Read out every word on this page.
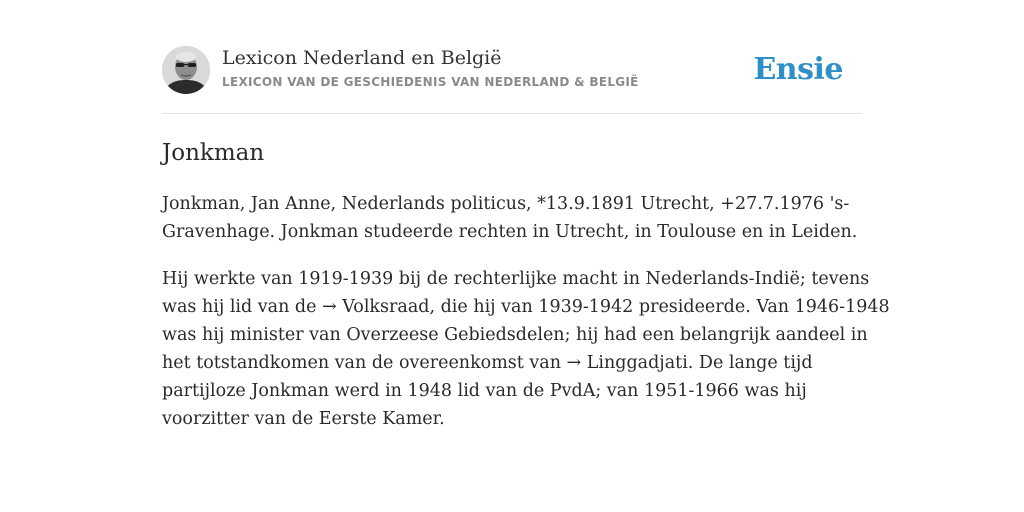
Lexicon Nederland en België
LEXICON VAN DE GESCHIEDENIS VAN NEDERLAND & BELGIË	Ensie
Jonkman

Jonkman, Jan Anne, Nederlands politicus, *13.9.1891 Utrecht, +27.7.1976 's-
Gravenhage. Jonkman studeerde rechten in Utrecht, in Toulouse en in Leiden.

Hij werkte van 1919-1939 bij de rechterlijke macht in Nederlands-Indië; tevens
was hij lid van de → Volksraad, die hij van 1939-1942 presideerde. Van 1946-1948
was hij minister van Overzeese Gebiedsdelen; hij had een belangrijk aandeel in
het totstandkomen van de overeenkomst van → Linggadjati. De lange tijd
partijloze Jonkman werd in 1948 lid van de PvdA; van 1951-1966 was hij
voorzitter van de Eerste Kamer.
